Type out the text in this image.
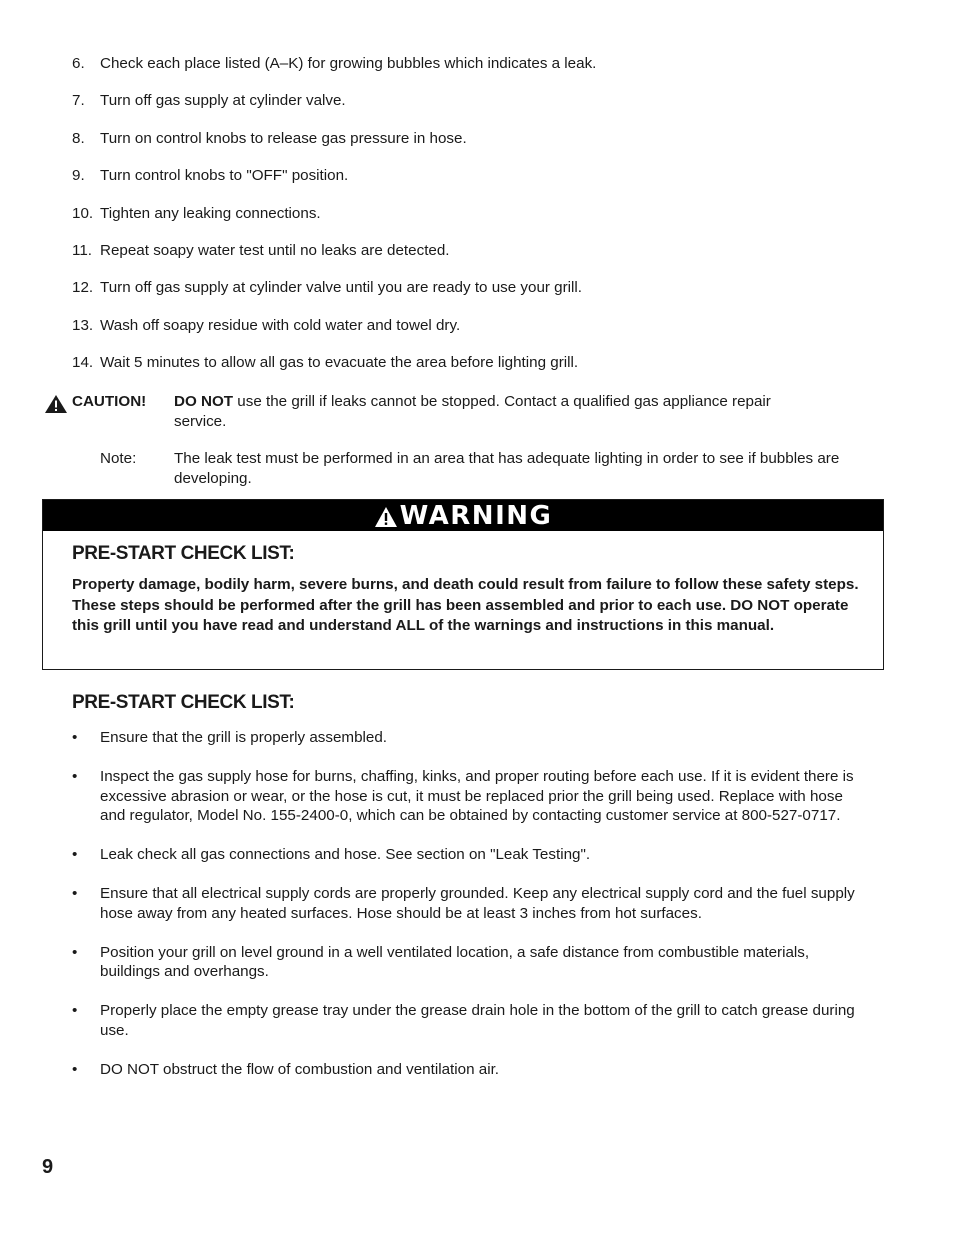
6. Check each place listed (A–K) for growing bubbles which indicates a leak.
7. Turn off gas supply at cylinder valve.
8. Turn on control knobs to release gas pressure in hose.
9. Turn control knobs to "OFF" position.
10. Tighten any leaking connections.
11. Repeat soapy water test until no leaks are detected.
12. Turn off gas supply at cylinder valve until you are ready to use your grill.
13. Wash off soapy residue with cold water and towel dry.
14. Wait 5 minutes to allow all gas to evacuate the area before lighting grill.
CAUTION! DO NOT use the grill if leaks cannot be stopped. Contact a qualified gas appliance repair service.
Note: The leak test must be performed in an area that has adequate lighting in order to see if bubbles are developing.
WARNING
PRE-START CHECK LIST:
Property damage, bodily harm, severe burns, and death could result from failure to follow these safety steps. These steps should be performed after the grill has been assembled and prior to each use. DO NOT operate this grill until you have read and understand ALL of the warnings and instructions in this manual.
PRE-START CHECK LIST:
• Ensure that the grill is properly assembled.
• Inspect the gas supply hose for burns, chaffing, kinks, and proper routing before each use. If it is evident there is excessive abrasion or wear, or the hose is cut, it must be replaced prior the grill being used. Replace with hose and regulator, Model No. 155-2400-0, which can be obtained by contacting customer service at 800-527-0717.
• Leak check all gas connections and hose. See section on "Leak Testing".
• Ensure that all electrical supply cords are properly grounded. Keep any electrical supply cord and the fuel supply hose away from any heated surfaces. Hose should be at least 3 inches from hot surfaces.
• Position your grill on level ground in a well ventilated location, a safe distance from combustible materials, buildings and overhangs.
• Properly place the empty grease tray under the grease drain hole in the bottom of the grill to catch grease during use.
• DO NOT obstruct the flow of combustion and ventilation air.
9
